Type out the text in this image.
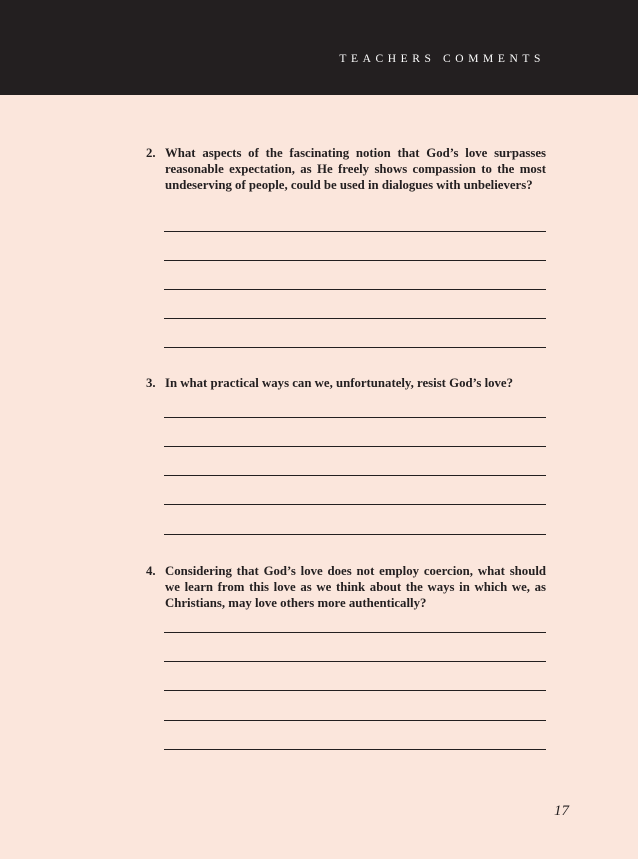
TEACHERS COMMENTS
2. What aspects of the fascinating notion that God’s love surpasses reasonable expectation, as He freely shows compassion to the most undeserving of people, could be used in dialogues with unbelievers?
3. In what practical ways can we, unfortunately, resist God’s love?
4. Considering that God’s love does not employ coercion, what should we learn from this love as we think about the ways in which we, as Christians, may love others more authentically?
17
